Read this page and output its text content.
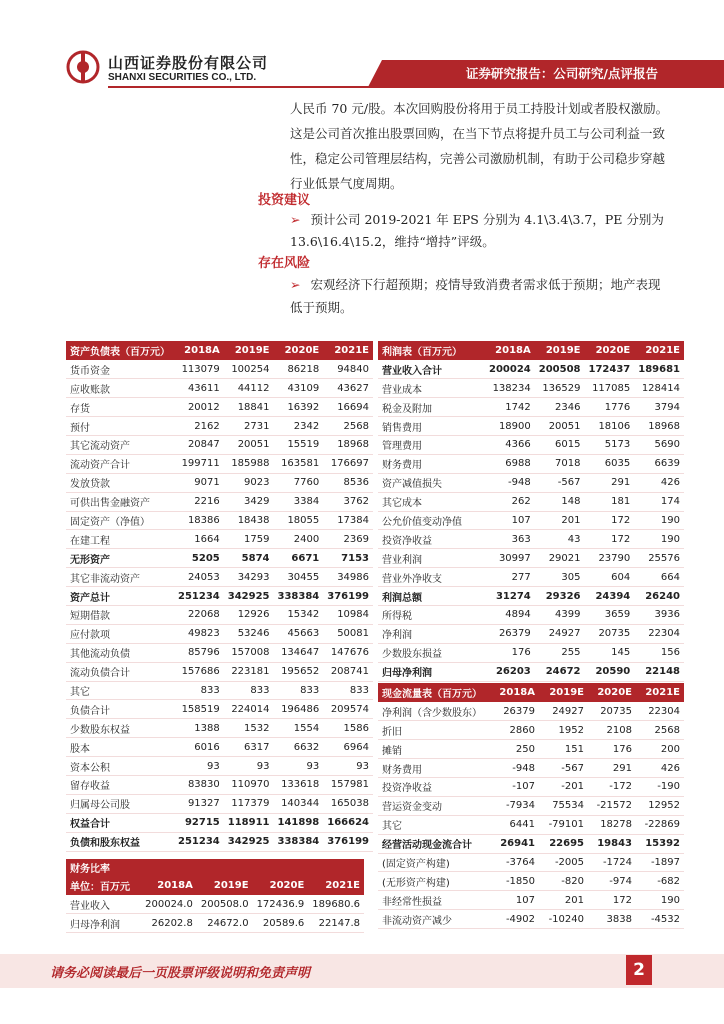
山西证券股份有限公司
SHANXI SECURITIES CO., LTD.	证券研究报告：公司研究/点评报告
人民币 70 元/股。本次回购股份将用于员工持股计划或者股权激励。
这是公司首次推出股票回购，在当下节点将提升员工与公司利益一致
性，稳定公司管理层结构，完善公司激励机制，有助于公司稳步穿越
行业低景气度周期。
投资建议
➢ 预计公司 2019-2021 年 EPS 分别为 4.1\3.4\3.7，PE 分别为
13.6\16.4\15.2，维持“增持”评级。
存在风险
➢ 宏观经济下行超预期；疫情导致消费者需求低于预期；地产表现
低于预期。
资产负债表（百万元）	2018A	2019E	2020E	2021E
货币资金	113079	100254	86218	94840
应收账款	43611	44112	43109	43627
存货	20012	18841	16392	16694
预付	2162	2731	2342	2568
其它流动资产	20847	20051	15519	18968
流动资产合计	199711	185988	163581	176697
发放贷款	9071	9023	7760	8536
可供出售金融资产	2216	3429	3384	3762
固定资产（净值）	18386	18438	18055	17384
在建工程	1664	1759	2400	2369
无形资产	5205	5874	6671	7153
其它非流动资产	24053	34293	30455	34986
资产总计	251234	342925	338384	376199
短期借款	22068	12926	15342	10984
应付款项	49823	53246	45663	50081
其他流动负债	85796	157008	134647	147676
流动负债合计	157686	223181	195652	208741
其它	833	833	833	833
负债合计	158519	224014	196486	209574
少数股东权益	1388	1532	1554	1586
股本	6016	6317	6632	6964
资本公积	93	93	93	93
留存收益	83830	110970	133618	157981
归属母公司股	91327	117379	140344	165038
权益合计	92715	118911	141898	166624
负债和股东权益	251234	342925	338384	376199
财务比率				
单位：百万元	2018A	2019E	2020E	2021E
营业收入	200024.0	200508.0	172436.9	189680.6
归母净利润	26202.8	24672.0	20589.6	22147.8
利润表（百万元）	2018A	2019E	2020E	2021E
营业收入合计	200024	200508	172437	189681
营业成本	138234	136529	117085	128414
税金及附加	1742	2346	1776	3794
销售费用	18900	20051	18106	18968
管理费用	4366	6015	5173	5690
财务费用	6988	7018	6035	6639
资产减值损失	-948	-567	291	426
其它成本	262	148	181	174
公允价值变动净值	107	201	172	190
投资净收益	363	43	172	190
营业利润	30997	29021	23790	25576
营业外净收支	277	305	604	664
利润总额	31274	29326	24394	26240
所得税	4894	4399	3659	3936
净利润	26379	24927	20735	22304
少数股东损益	176	255	145	156
归母净利润	26203	24672	20590	22148
现金流量表（百万元）	2018A	2019E	2020E	2021E
净利润（含少数股东）	26379	24927	20735	22304
折旧	2860	1952	2108	2568
摊销	250	151	176	200
财务费用	-948	-567	291	426
投资净收益	-107	-201	-172	-190
营运资金变动	-7934	75534	-21572	12952
其它	6441	-79101	18278	-22869
经营活动现金流合计	26941	22695	19843	15392
(固定资产构建)	-3764	-2005	-1724	-1897
(无形资产构建)	-1850	-820	-974	-682
非经常性损益	107	201	172	190
非流动资产减少	-4902	-10240	3838	-4532
请务必阅读最后一页股票评级说明和免责声明	2
